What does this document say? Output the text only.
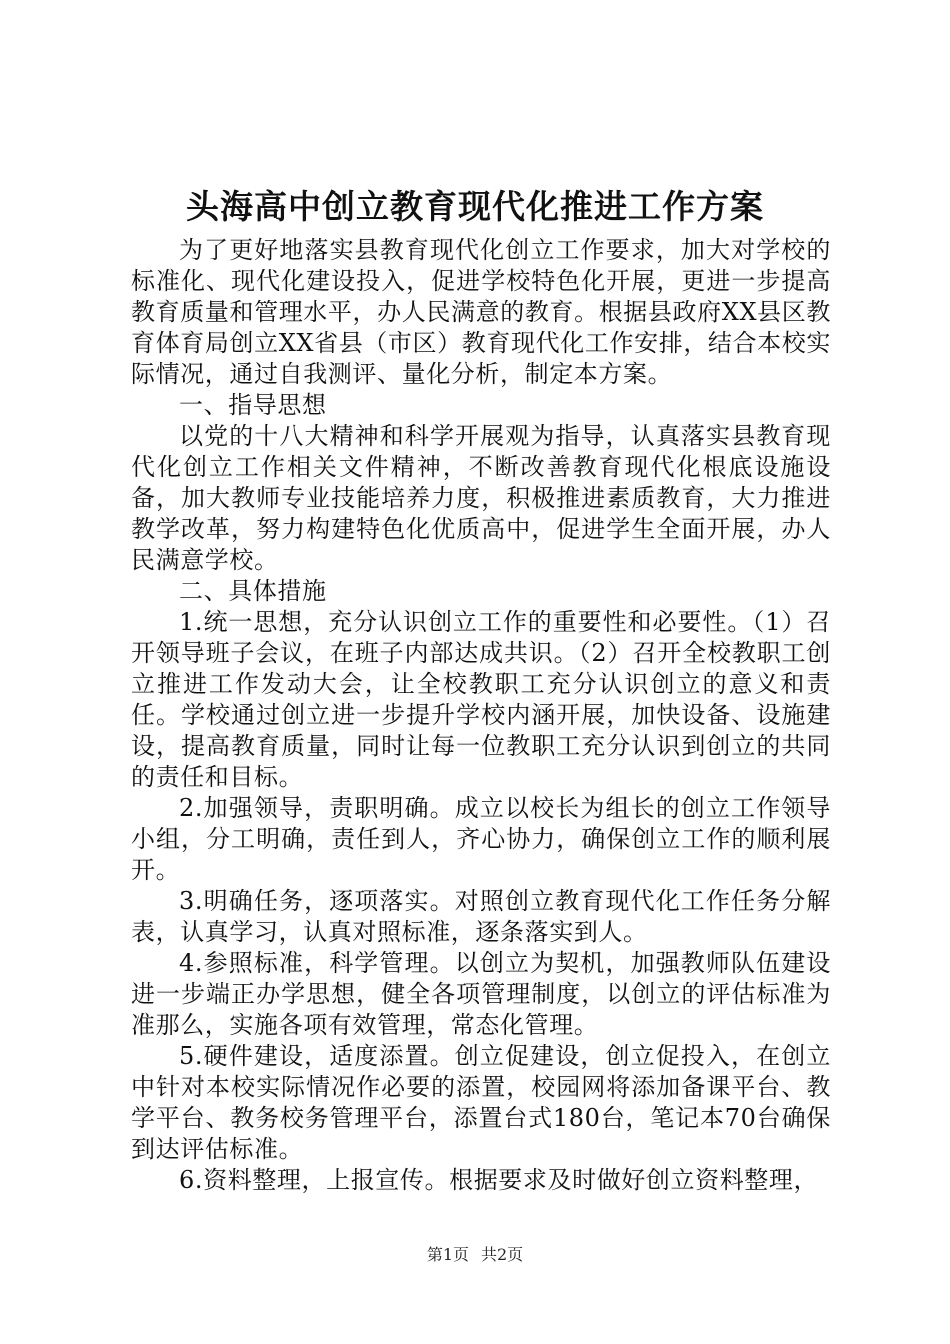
头海高中创立教育现代化推进工作方案

为了更好地落实县教育现代化创立工作要求，加大对学校的标准化、现代化建设投入，促进学校特色化开展，更进一步提高教育质量和管理水平，办人民满意的教育。根据县政府XX县区教育体育局创立XX省县（市区）教育现代化工作安排，结合本校实际情况，通过自我测评、量化分析，制定本方案。

一、指导思想

以党的十八大精神和科学开展观为指导，认真落实县教育现代化创立工作相关文件精神，不断改善教育现代化根底设施设备，加大教师专业技能培养力度，积极推进素质教育，大力推进教学改革，努力构建特色化优质高中，促进学生全面开展，办人民满意学校。

二、具体措施

1.统一思想，充分认识创立工作的重要性和必要性。（1）召开领导班子会议，在班子内部达成共识。（2）召开全校教职工创立推进工作发动大会，让全校教职工充分认识创立的意义和责任。学校通过创立进一步提升学校内涵开展，加快设备、设施建设，提高教育质量，同时让每一位教职工充分认识到创立的共同的责任和目标。

2.加强领导，责职明确。成立以校长为组长的创立工作领导小组，分工明确，责任到人，齐心协力，确保创立工作的顺利展开。

3.明确任务，逐项落实。对照创立教育现代化工作任务分解表，认真学习，认真对照标准，逐条落实到人。

4.参照标准，科学管理。以创立为契机，加强教师队伍建设进一步端正办学思想，健全各项管理制度，以创立的评估标准为准那么，实施各项有效管理，常态化管理。

5.硬件建设，适度添置。创立促建设，创立促投入，在创立中针对本校实际情况作必要的添置，校园网将添加备课平台、教学平台、教务校务管理平台，添置台式180台，笔记本70台确保到达评估标准。

6.资料整理，上报宣传。根据要求及时做好创立资料整理，

第1页 共2页
